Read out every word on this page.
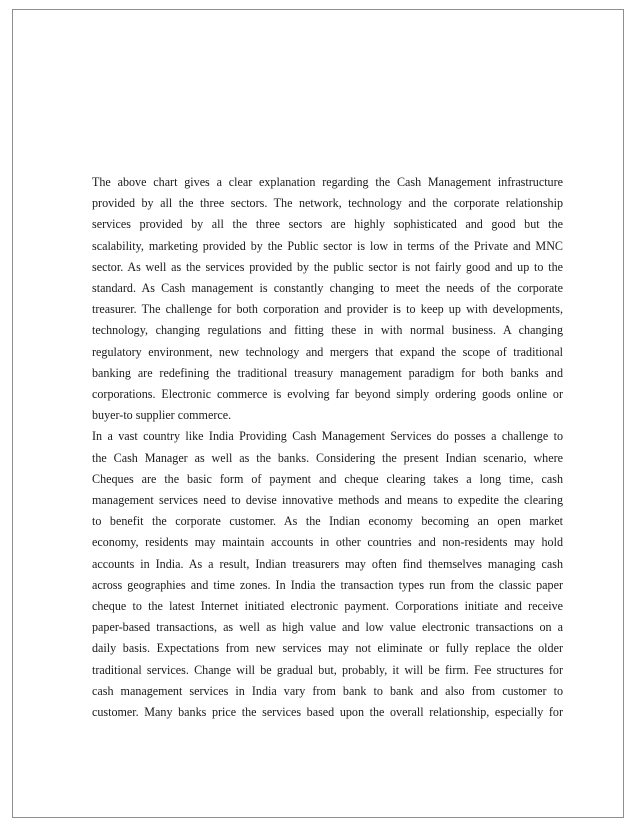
The above chart gives a clear explanation regarding the Cash Management infrastructure
provided by all the three sectors. The network, technology and the corporate relationship
services provided by all the three sectors are highly sophisticated and good but the
scalability, marketing provided by the Public sector is low in terms of the Private and MNC
sector. As well as the services provided by the public sector is not fairly good and up to the
standard. As Cash management is constantly changing to meet the needs of the corporate
treasurer. The challenge for both corporation and provider is to keep up with developments,
technology, changing regulations and fitting these in with normal business. A changing
regulatory environment, new technology and mergers that expand the scope of traditional
banking are redefining the traditional treasury management paradigm for both banks and
corporations. Electronic commerce is evolving far beyond simply ordering goods online or
buyer-to supplier commerce.

In a vast country like India Providing Cash Management Services do posses a challenge to
the Cash Manager as well as the banks. Considering the present Indian scenario, where
Cheques are the basic form of payment and cheque clearing takes a long time, cash
management services need to devise innovative methods and means to expedite the clearing
to benefit the corporate customer. As the Indian economy becoming an open market
economy, residents may maintain accounts in other countries and non-residents may hold
accounts in India. As a result, Indian treasurers may often find themselves managing cash
across geographies and time zones. In India the transaction types run from the classic paper
cheque to the latest Internet initiated electronic payment. Corporations initiate and receive
paper-based transactions, as well as high value and low value electronic transactions on a
daily basis. Expectations from new services may not eliminate or fully replace the older
traditional services. Change will be gradual but, probably, it will be firm. Fee structures for
cash management services in India vary from bank to bank and also from customer to
customer. Many banks price the services based upon the overall relationship, especially for
